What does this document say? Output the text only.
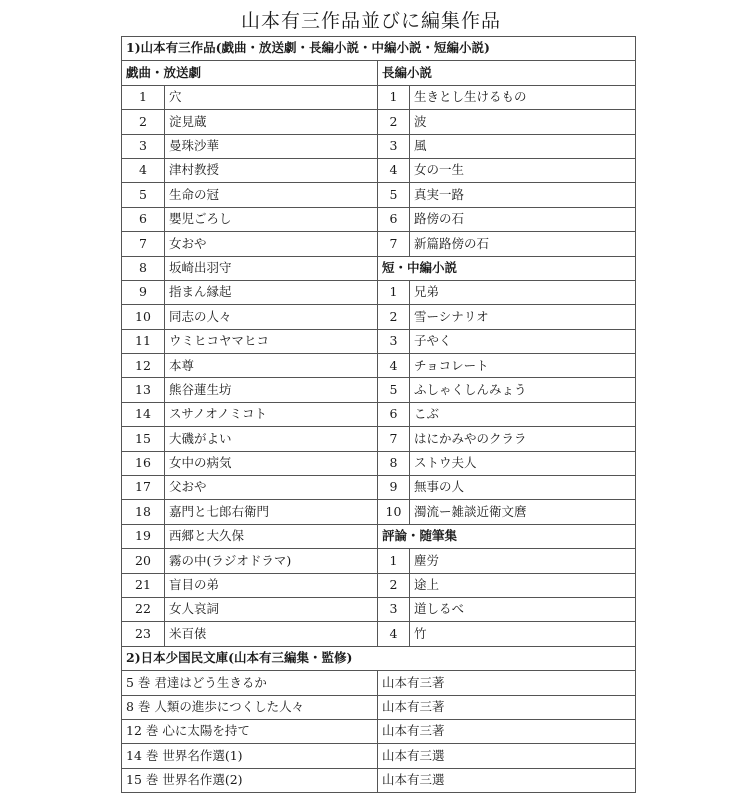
山本有三作品並びに編集作品
1)山本有三作品(戯曲・放送劇・長編小説・中編小説・短編小説)			
戯曲・放送劇		長編小説	
1	穴	1	生きとし生けるもの
2	淀見蔵	2	波
3	曼珠沙華	3	風
4	津村教授	4	女の一生
5	生命の冠	5	真実一路
6	嬰児ごろし	6	路傍の石
7	女おや	7	新篇路傍の石
8	坂崎出羽守	短・中編小説	
9	指まん縁起	1	兄弟
10	同志の人々	2	雪ーシナリオ
11	ウミヒコヤマヒコ	3	子やく
12	本尊	4	チョコレート
13	熊谷蓮生坊	5	ふしゃくしんみょう
14	スサノオノミコト	6	こぶ
15	大磯がよい	7	はにかみやのクララ
16	女中の病気	8	ストウ夫人
17	父おや	9	無事の人
18	嘉門と七郎右衛門	10	濁流ー雑談近衛文麿
19	西郷と大久保	評論・随筆集	
20	霧の中(ラジオドラマ)	1	塵労
21	盲目の弟	2	途上
22	女人哀詞	3	道しるべ
23	米百俵	4	竹
2)日本少国民文庫(山本有三編集・監修)			
5 巻 君達はどう生きるか		山本有三著	
8 巻 人類の進歩につくした人々		山本有三著	
12 巻 心に太陽を持て		山本有三著	
14 巻 世界名作選(1)		山本有三選	
15 巻 世界名作選(2)		山本有三選	
